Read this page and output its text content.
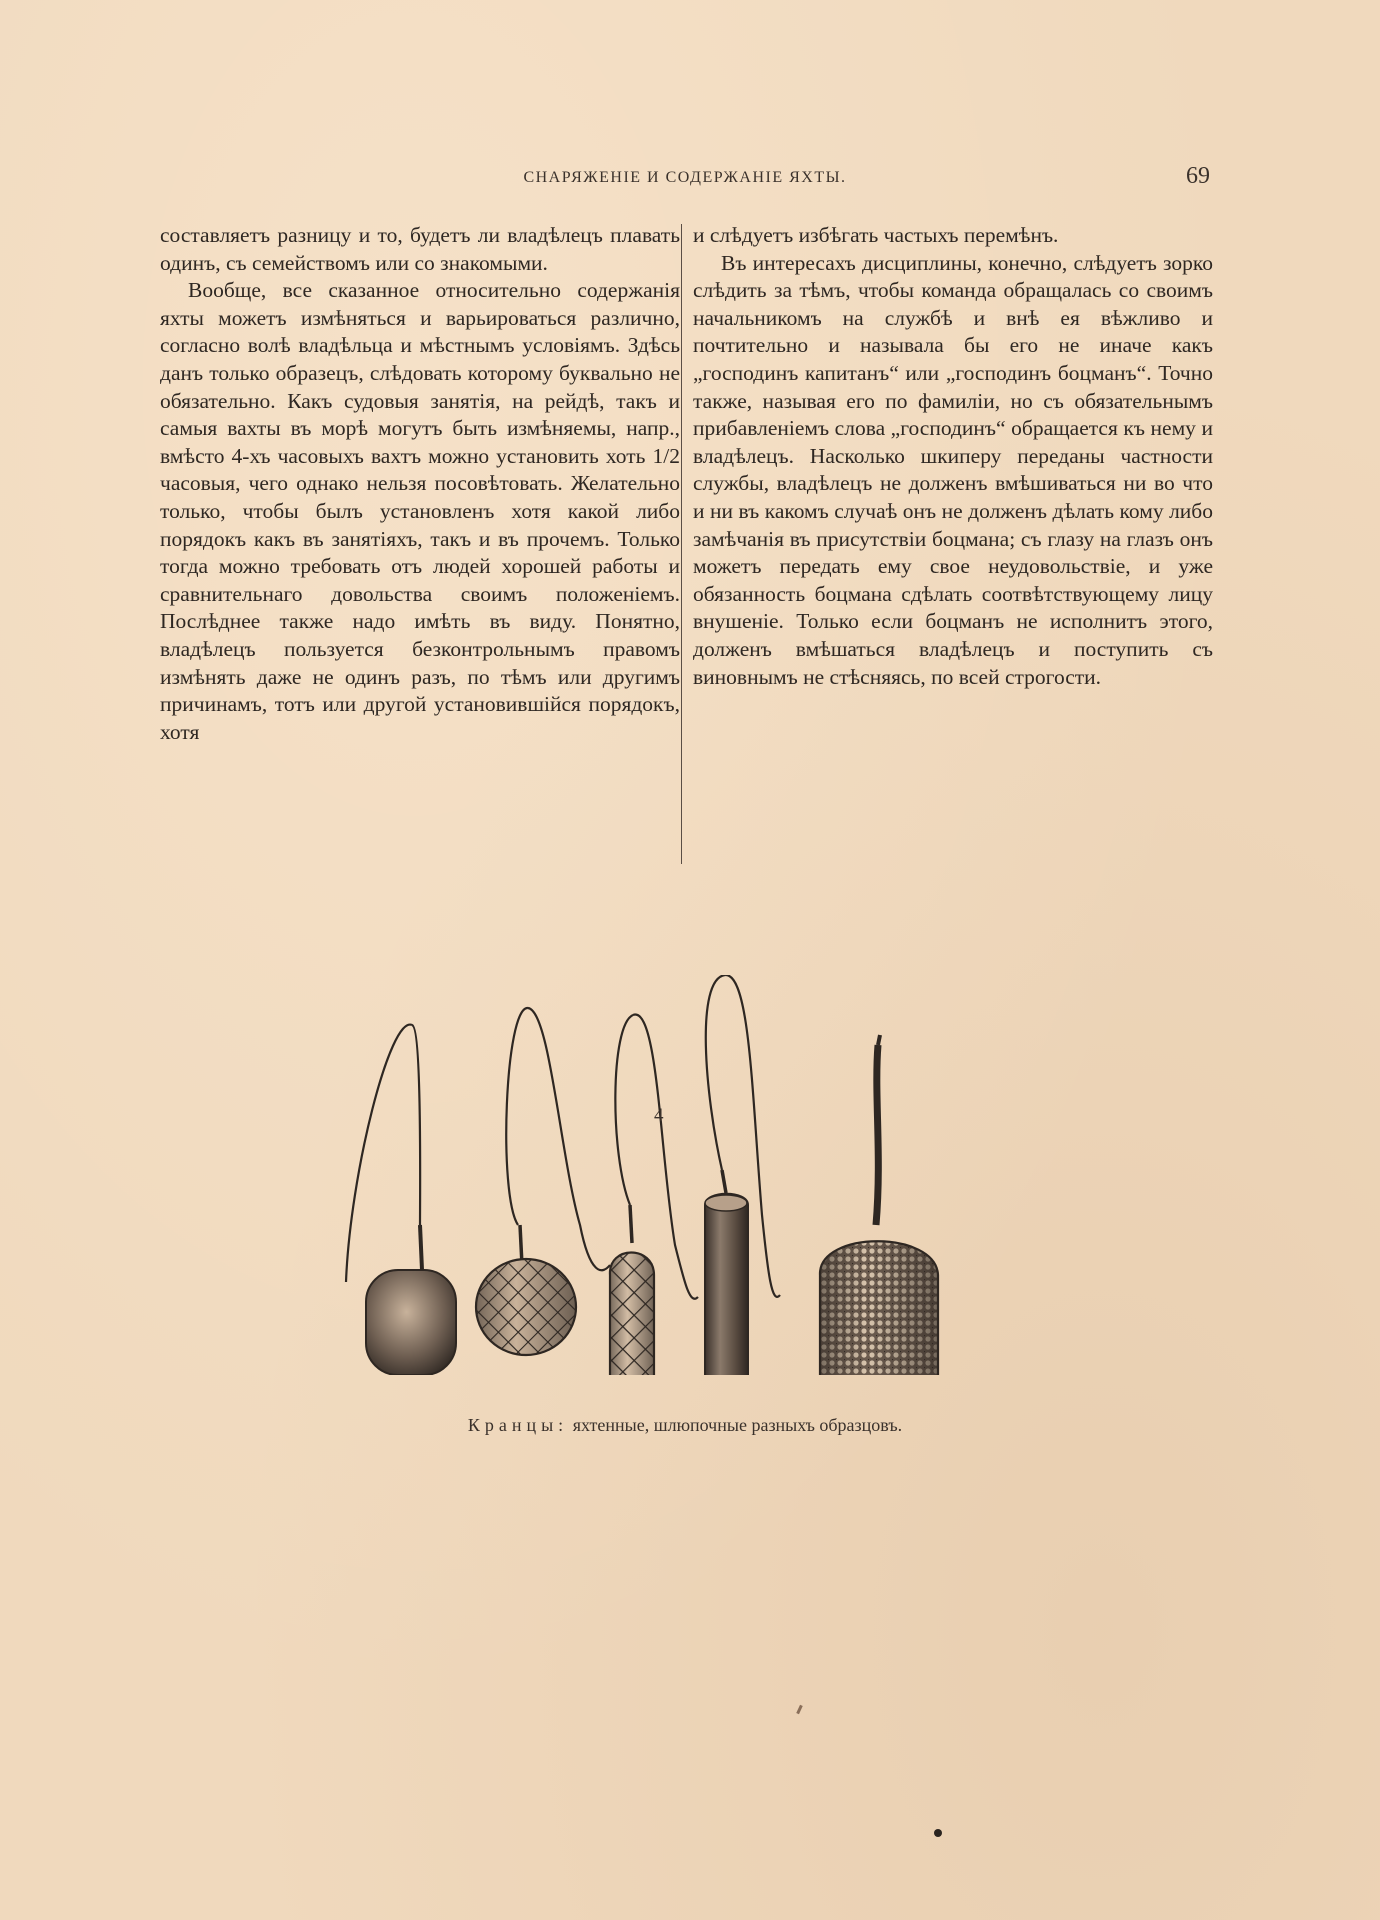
СНАРЯЖЕНІЕ И СОДЕРЖАНІЕ ЯХТЫ.	69

составляетъ разницу и то, будетъ ли владѣлецъ плавать одинъ, съ семействомъ или со знакомыми.

Вообще, все сказанное относительно содержанія яхты можетъ измѣняться и варьироваться различно, согласно волѣ владѣльца и мѣстнымъ условіямъ. Здѣсь данъ только образецъ, слѣдовать которому буквально не обязательно. Какъ судовыя занятія, на рейдѣ, такъ и самыя вахты въ морѣ могутъ быть измѣняемы, напр., вмѣсто 4-хъ часовыхъ вахтъ можно установить хоть 1/2 часовыя, чего однако нельзя посовѣтовать. Желательно только, чтобы былъ установленъ хотя какой либо порядокъ какъ въ занятіяхъ, такъ и въ прочемъ. Только тогда можно требовать отъ людей хорошей работы и сравнительнаго довольства своимъ положеніемъ. Послѣднее также надо имѣть въ виду. Понятно, владѣлецъ пользуется безконтрольнымъ правомъ измѣнять даже не одинъ разъ, по тѣмъ или другимъ причинамъ, тотъ или другой установившійся порядокъ, хотя

и слѣдуетъ избѣгать частыхъ перемѣнъ.

Въ интересахъ дисциплины, конечно, слѣдуетъ зорко слѣдить за тѣмъ, чтобы команда обращалась со своимъ начальникомъ на службѣ и внѣ ея вѣжливо и почтительно и называла бы его не иначе какъ „господинъ капитанъ“ или „господинъ боцманъ“. Точно также, называя его по фамиліи, но съ обязательнымъ прибавленіемъ слова „господинъ“ обращается къ нему и владѣлецъ. Насколько шкиперу переданы частности службы, владѣлецъ не долженъ вмѣшиваться ни во что и ни въ какомъ случаѣ онъ не долженъ дѣлать кому либо замѣчанія въ присутствіи боцмана; съ глазу на глазъ онъ можетъ передать ему свое неудовольствіе, и уже обязанность боцмана сдѣлать соотвѣтствующему лицу внушеніе. Только если боцманъ не исполнитъ этого, долженъ вмѣшаться владѣлецъ и поступить съ виновнымъ не стѣсняясь, по всей строгости.

4
Кранцы: яхтенные, шлюпочные разныхъ образцовъ.
